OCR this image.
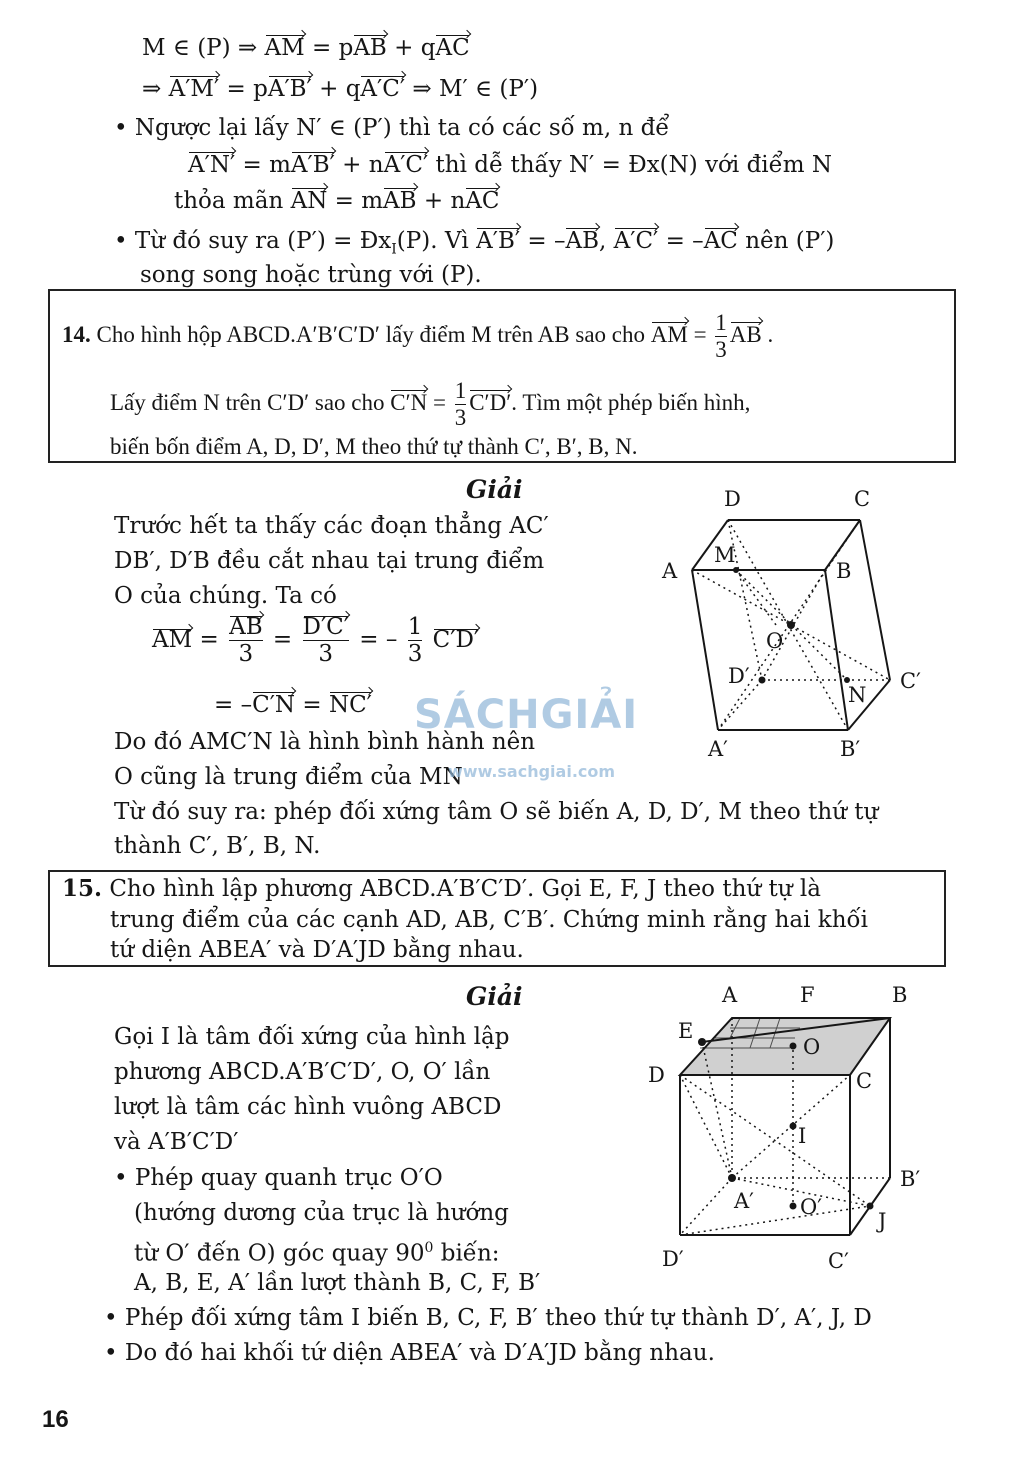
M ∈ (P) ⇒ AM = pAB + qAC
⇒ A′M′ = pA′B′ + qA′C′ ⇒ M′ ∈ (P′)
• Ngược lại lấy N′ ∈ (P′) thì ta có các số m, n để
A′N′ = mA′B′ + nA′C′ thì dễ thấy N′ = Đx(N) với điểm N
thỏa mãn AN = mAB + nAC
• Từ đó suy ra $(P') = Đx_I(P)$. Vì A′B′ = –AB, A′C′ = –AC nên (P′)
song song hoặc trùng với (P).
14. Cho hình hộp ABCD.A′B′C′D′ lấy điểm M trên AB sao cho AM = $\frac{1}{3}$ AB .
Lấy điểm N trên C′D′ sao cho $C'N = \frac{1}{3} C'D'$. Tìm một phép biến hình,
biến bốn điểm A, D, D′, M theo thứ tự thành C′, B′, B, N.
Giải
Trước hết ta thấy các đoạn thẳng AC′
DB′, D′B đều cắt nhau tại trung điểm
O của chúng. Ta có
AM = $\frac{AB}{3} = \frac{D'C'}{3}$ = – $\frac{1}{3} C'D'$
= –C′N = NC′
Do đó AMC′N là hình bình hành nên
O cũng là trung điểm của MN
Từ đó suy ra: phép đối xứng tâm O sẽ biến A, D, D′, M theo thứ tự
thành C′, B′, B, N.
D	C
A
M
B
O
D′	C′
N
A′	B′
SÁCHGIẢI
www.sachgiai.com
15. Cho hình lập phương ABCD.A′B′C′D′. Gọi E, F, J theo thứ tự là
trung điểm của các cạnh AD, AB, C′B′. Chứng minh rằng hai khối
tứ diện ABEA′ và D′A′JD bằng nhau.
Giải
Gọi I là tâm đối xứng của hình lập
phương ABCD.A′B′C′D′, O, O′ lần
lượt là tâm các hình vuông ABCD
và A′B′C′D′
• Phép quay quanh trục O′O
(hướng dương của trục là hướng
từ O′ đến O) góc quay $90^0$ biến:
A, B, E, A′ lần lượt thành B, C, F, B′
• Phép đối xứng tâm I biến B, C, F, B′ theo thứ tự thành D′, A′, J, D
• Do đó hai khối tứ diện ABEA′ và D′A′JD bằng nhau.
A	F	B
E
O
D	C
I
B′
A′ O′
J
D′	C′
16
